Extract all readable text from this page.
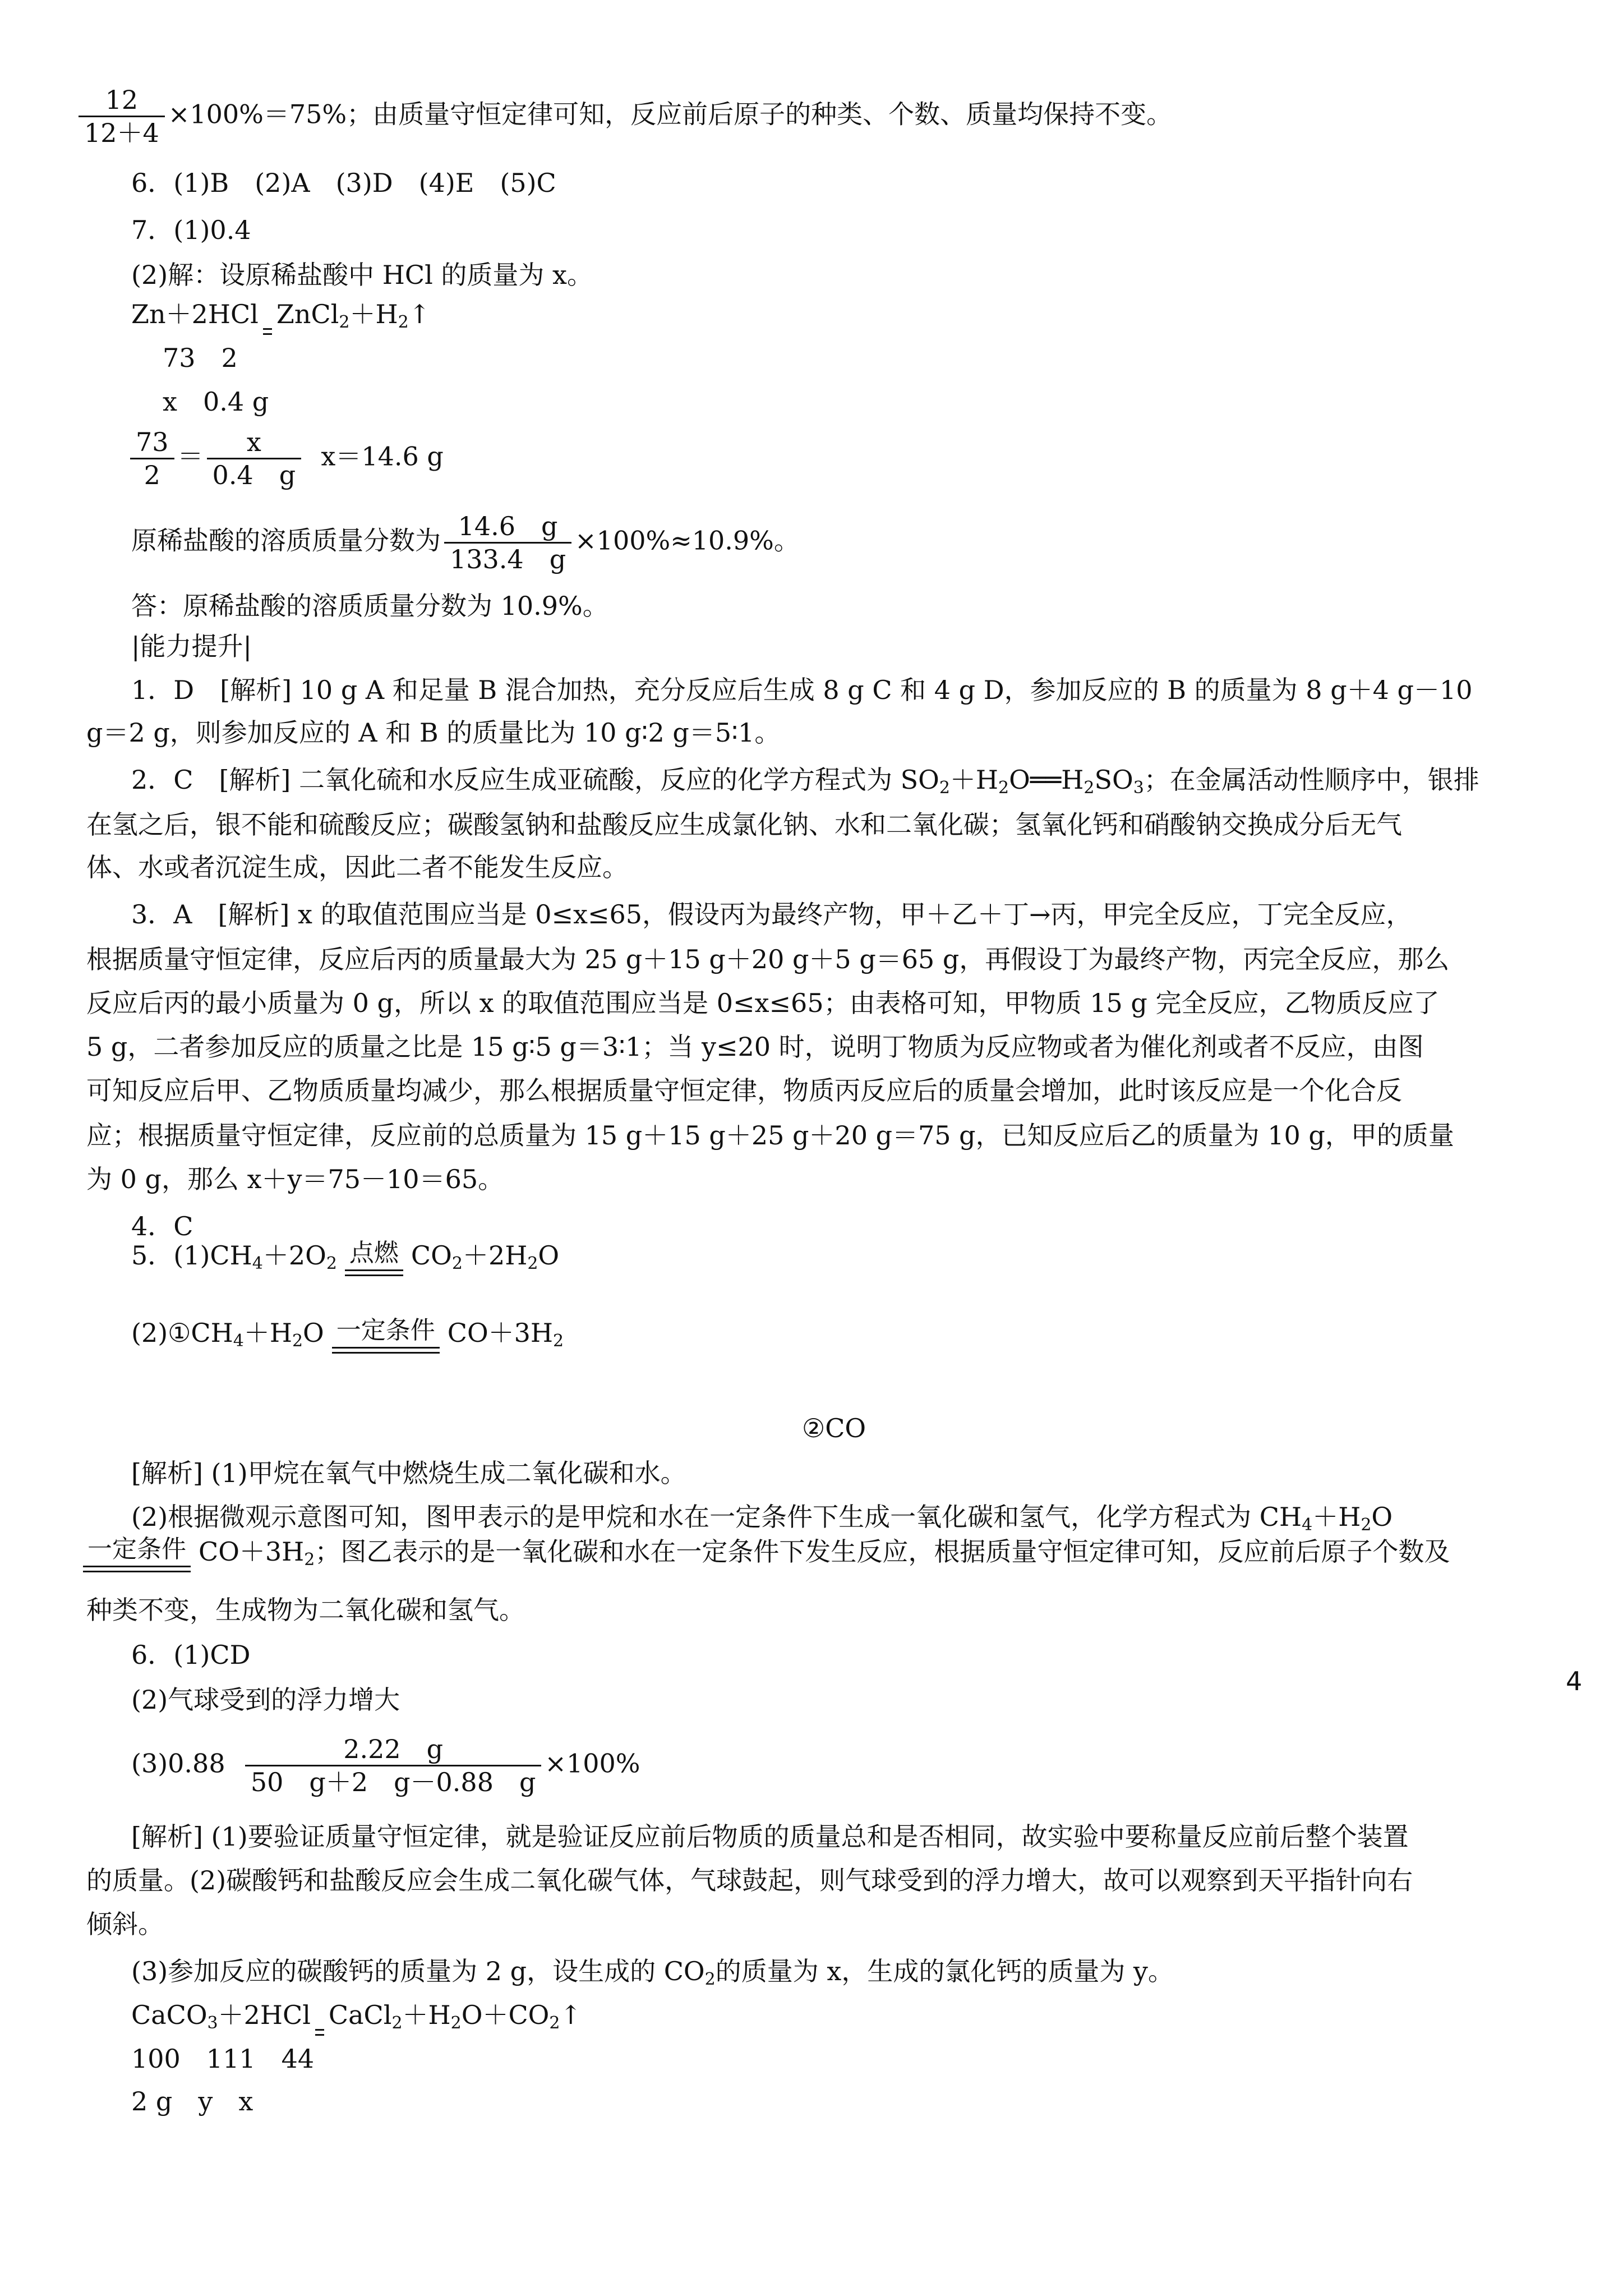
$\frac{12}{12+4} \times 100\%=75\%$；由质量守恒定律可知，反应前后原子的种类、个数、质量均保持不变。
6．(1)B　(2)A　(3)D　(4)E　(5)C
7．(1)0.4
(2)解：设原稀盐酸中 HCl 的质量为 x。
Zn＋2HCl $ZnCl_2+H_2↑$
73　2
x　0.4 g
$\frac{73}{2} = \frac{x}{0.4 g} x=14.6$ g
原稀盐酸的溶质质量分数为 $\frac{14.6 g}{133.4 g} \times 100\%\approx 10.9\%$。
答：原稀盐酸的溶质质量分数为 10.9%。
|能力提升|
1．D　[解析] 10 g A 和足量 B 混合加热，充分反应后生成 8 g C 和 4 g D，参加反应的 B 的质量为 8 g＋4 g－10
g＝2 g，则参加反应的 A 和 B 的质量比为 10 g∶2 g＝5∶1。
2．C　[解析] 二氧化硫和水反应生成亚硫酸，反应的化学方程式为 $SO_2+H_2O══H_2SO_3$；在金属活动性顺序中，银排
在氢之后，银不能和硫酸反应；碳酸氢钠和盐酸反应生成氯化钠、水和二氧化碳；氢氧化钙和硝酸钠交换成分后无气
体、水或者沉淀生成，因此二者不能发生反应。
3．A　[解析] x 的取值范围应当是 0≤x≤65，假设丙为最终产物，甲＋乙＋丁→丙，甲完全反应，丁完全反应，
根据质量守恒定律，反应后丙的质量最大为 25 g＋15 g＋20 g＋5 g＝65 g，再假设丁为最终产物，丙完全反应，那么
反应后丙的最小质量为 0 g，所以 x 的取值范围应当是 0≤x≤65；由表格可知，甲物质 15 g 完全反应，乙物质反应了
5 g，二者参加反应的质量之比是 15 g∶5 g＝3∶1；当 y≤20 时，说明丁物质为反应物或者为催化剂或者不反应，由图
可知反应后甲、乙物质质量均减少，那么根据质量守恒定律，物质丙反应后的质量会增加，此时该反应是一个化合反
应；根据质量守恒定律，反应前的总质量为 15 g＋15 g＋25 g＋20 g＝75 g，已知反应后乙的质量为 10 g，甲的质量
为 0 g，那么 x＋y＝75－10＝65。
4．C
5．$(1)CH_4+2O_2$ 点燃 $CO_2+2H_2O$
$(2)①CH_4+H_2O$ 一定条件 $CO+3H_2$
②CO
[解析] (1)甲烷在氧气中燃烧生成二氧化碳和水。
(2)根据微观示意图可知，图甲表示的是甲烷和水在一定条件下生成一氧化碳和氢气，化学方程式为 $CH_4+H_2O$
一定条件 $CO+3H_2$；图乙表示的是一氧化碳和水在一定条件下发生反应，根据质量守恒定律可知，反应前后原子个数及
种类不变，生成物为二氧化碳和氢气。
6．(1)CD
(2)气球受到的浮力增大
$(3)0.88 \frac{2.22 g}{50 g+2 g-0.88 g} \times 100\%$
[解析] (1)要验证质量守恒定律，就是验证反应前后物质的质量总和是否相同，故实验中要称量反应前后整个装置
的质量。(2)碳酸钙和盐酸反应会生成二氧化碳气体，气球鼓起，则气球受到的浮力增大，故可以观察到天平指针向右
倾斜。
(3)参加反应的碳酸钙的质量为 2 g，设生成的 $CO_2$的质量为 x，生成的氯化钙的质量为 y。
CaCO$_3$＋2HCl $CaCl_2+H_2O+CO_2↑$
100　111　44
2 g　y　x
4
